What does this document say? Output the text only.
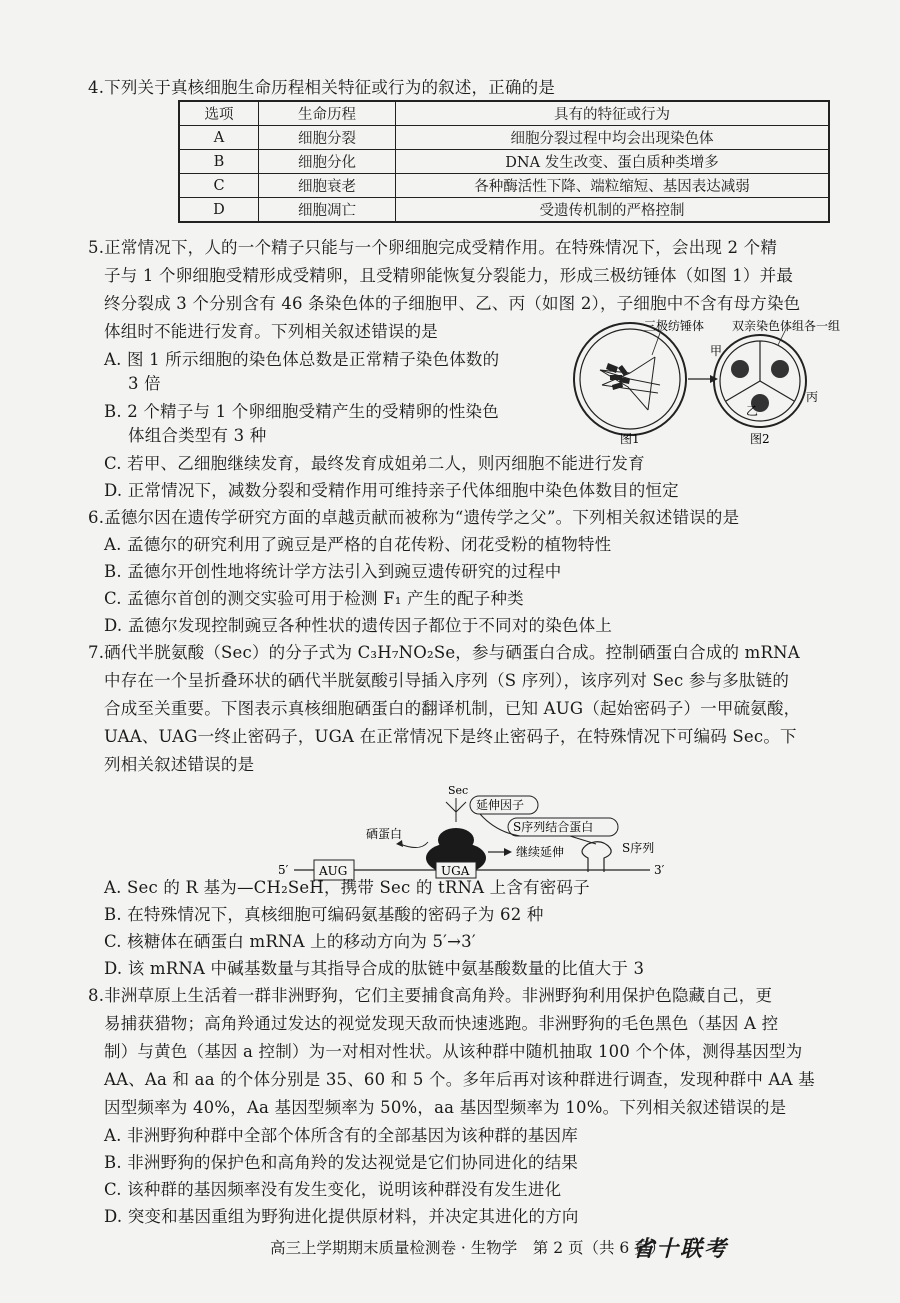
4.下列关于真核细胞生命历程相关特征或行为的叙述，正确的是
选项	生命历程	具有的特征或行为
A	细胞分裂	细胞分裂过程中均会出现染色体
B	细胞分化	DNA 发生改变、蛋白质种类增多
C	细胞衰老	各种酶活性下降、端粒缩短、基因表达减弱
D	细胞凋亡	受遗传机制的严格控制
5.正常情况下，人的一个精子只能与一个卵细胞完成受精作用。在特殊情况下，会出现 2 个精
子与 1 个卵细胞受精形成受精卵，且受精卵能恢复分裂能力，形成三极纺锤体（如图 1）并最
终分裂成 3 个分别含有 46 条染色体的子细胞甲、乙、丙（如图 2），子细胞中不含有母方染色
体组时不能进行发育。下列相关叙述错误的是
A. 图 1 所示细胞的染色体总数是正常精子染色体数的
3 倍
B. 2 个精子与 1 个卵细胞受精产生的受精卵的性染色
体组合类型有 3 种
C. 若甲、乙细胞继续发育，最终发育成姐弟二人，则丙细胞不能进行发育
D. 正常情况下，减数分裂和受精作用可维持亲子代体细胞中染色体数目的恒定
三极纺锤体
图1
甲
丙
乙
双亲染色体组各一组
图2
6.孟德尔因在遗传学研究方面的卓越贡献而被称为“遗传学之父”。下列相关叙述错误的是
A. 孟德尔的研究利用了豌豆是严格的自花传粉、闭花受粉的植物特性
B. 孟德尔开创性地将统计学方法引入到豌豆遗传研究的过程中
C. 孟德尔首创的测交实验可用于检测 F₁ 产生的配子种类
D. 孟德尔发现控制豌豆各种性状的遗传因子都位于不同对的染色体上
7.硒代半胱氨酸（Sec）的分子式为 C₃H₇NO₂Se，参与硒蛋白合成。控制硒蛋白合成的 mRNA
中存在一个呈折叠环状的硒代半胱氨酸引导插入序列（S 序列），该序列对 Sec 参与多肽链的
合成至关重要。下图表示真核细胞硒蛋白的翻译机制，已知 AUG（起始密码子）一甲硫氨酸，
UAA、UAG一终止密码子，UGA 在正常情况下是终止密码子，在特殊情况下可编码 Sec。下
列相关叙述错误的是
Sec
延伸因子
S序列结合蛋白
硒蛋白
继续延伸	S序列
5′	3′
AUG	UGA
A. Sec 的 R 基为—CH₂SeH，携带 Sec 的 tRNA 上含有密码子
B. 在特殊情况下，真核细胞可编码氨基酸的密码子为 62 种
C. 核糖体在硒蛋白 mRNA 上的移动方向为 5′→3′
D. 该 mRNA 中碱基数量与其指导合成的肽链中氨基酸数量的比值大于 3
8.非洲草原上生活着一群非洲野狗，它们主要捕食高角羚。非洲野狗利用保护色隐藏自己，更
易捕获猎物；高角羚通过发达的视觉发现天敌而快速逃跑。非洲野狗的毛色黑色（基因 A 控
制）与黄色（基因 a 控制）为一对相对性状。从该种群中随机抽取 100 个个体，测得基因型为
AA、Aa 和 aa 的个体分别是 35、60 和 5 个。多年后再对该种群进行调查，发现种群中 AA 基
因型频率为 40%，Aa 基因型频率为 50%，aa 基因型频率为 10%。下列相关叙述错误的是
A. 非洲野狗种群中全部个体所含有的全部基因为该种群的基因库
B. 非洲野狗的保护色和高角羚的发达视觉是它们协同进化的结果
C. 该种群的基因频率没有发生变化，说明该种群没有发生进化
D. 突变和基因重组为野狗进化提供原材料，并决定其进化的方向
高三上学期期末质量检测卷 · 生物学　第 2 页（共 6 页）
省十联考
